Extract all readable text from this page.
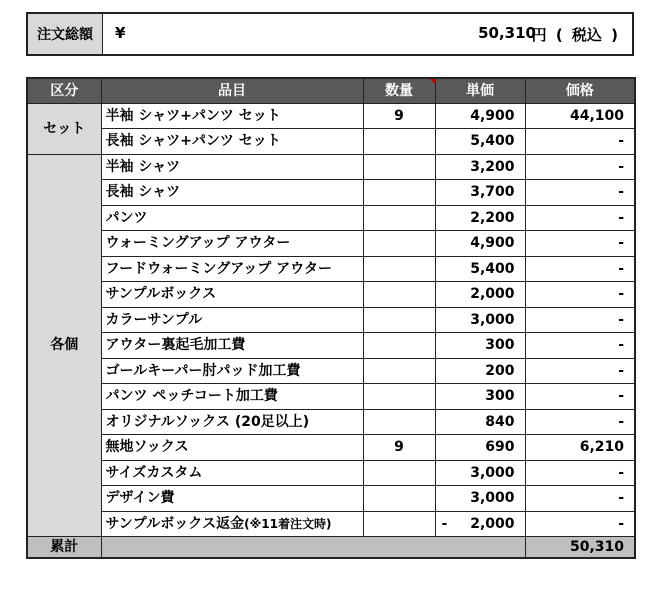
注文総額	¥	50,310
円 ( 税込 )
区分	品目	数量	単価	価格
セット	半袖 シャツ+パンツ セット	9	4,900	44,100
	長袖 シャツ+パンツ セット		5,400	-
各個	半袖 シャツ		3,200	-
	長袖 シャツ		3,700	-
	パンツ		2,200	-
	ウォーミングアップ アウター		4,900	-
	フードウォーミングアップ アウター		5,400	-
	サンプルボックス		2,000	-
	カラーサンプル		3,000	-
	アウター裏起毛加工費		300	-
	ゴールキーパー肘パッド加工費		200	-
	パンツ ペッチコート加工費		300	-
	オリジナルソックス (20足以上)		840	-
	無地ソックス	9	690	6,210
	サイズカスタム		3,000	-
	デザイン費		3,000	-
	サンプルボックス返金(※11着注文時)		- 2,000	-
累計				50,310
